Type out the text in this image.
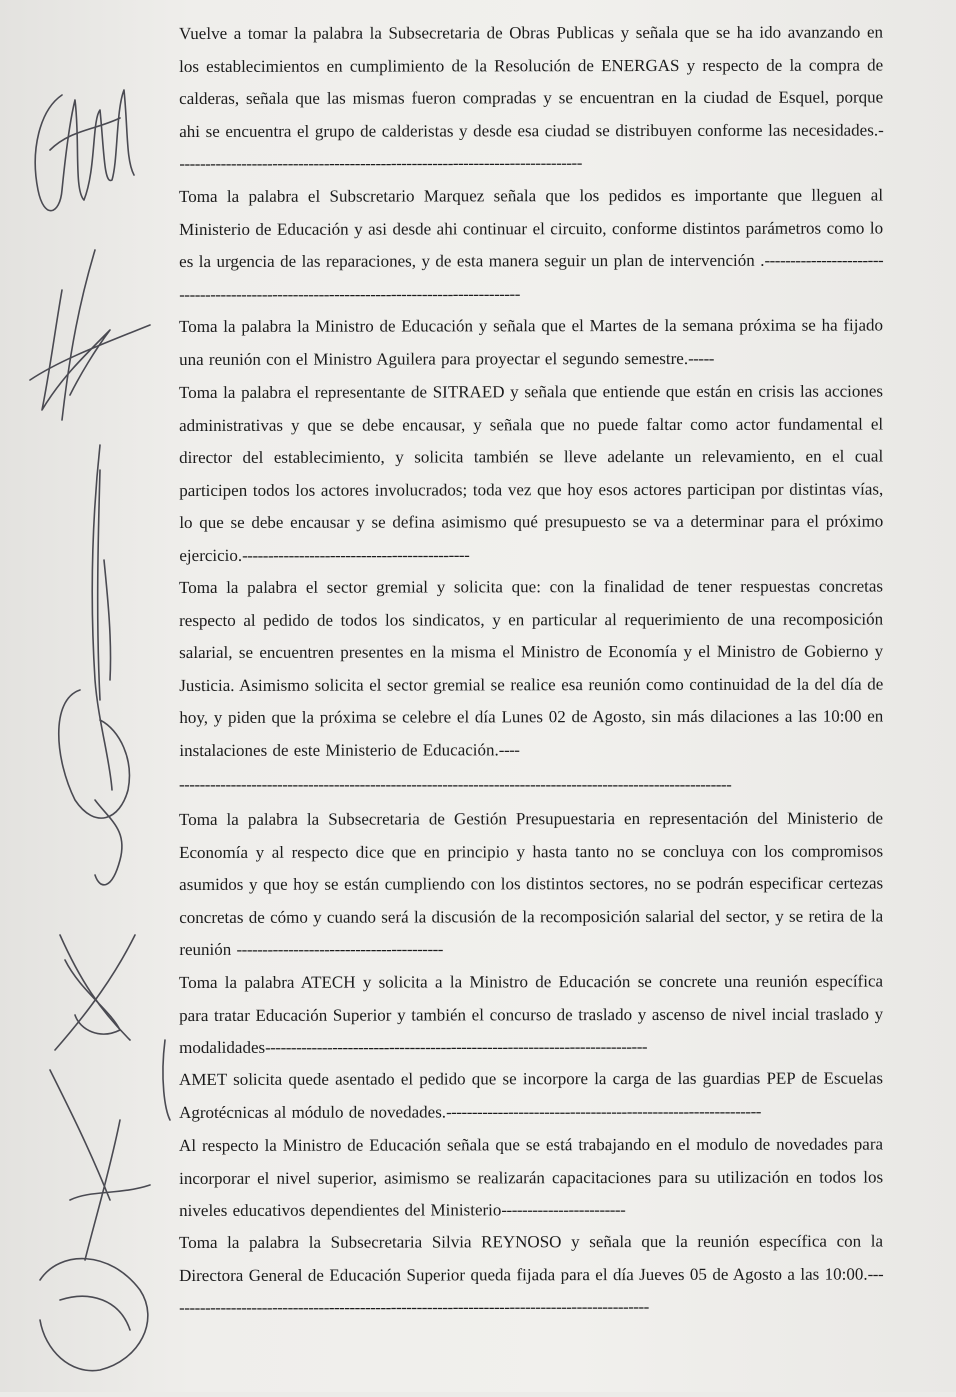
Vuelve a tomar la palabra la Subsecretaria de Obras Publicas y señala que se ha ido avanzando en los establecimientos en cumplimiento de la Resolución de ENERGAS y respecto de la compra de calderas, señala que las mismas fueron compradas y se encuentran en la ciudad de Esquel, porque ahi se encuentra el grupo de calderistas y desde esa ciudad se distribuyen conforme las necesidades.-------------------------------------------------------------------------------

Toma la palabra el Subscretario Marquez señala que los pedidos es importante que lleguen al Ministerio de Educación y asi desde ahi continuar el circuito, conforme distintos parámetros como lo es la urgencia de las reparaciones, y de esta manera seguir un plan de intervención .-----------------------------------------------------------------------------------------

Toma la palabra la Ministro de Educación y señala que el Martes de la semana próxima se ha fijado una reunión con el Ministro Aguilera para proyectar el segundo semestre.-----

Toma la palabra el representante de SITRAED y señala que entiende que están en crisis las acciones administrativas y que se debe encausar, y señala que no puede faltar como actor fundamental el director del establecimiento, y solicita también se lleve adelante un relevamiento, en el cual participen todos los actores involucrados; toda vez que hoy esos actores participan por distintas vías, lo que se debe encausar y se defina asimismo qué presupuesto se va a determinar para el próximo ejercicio.--------------------------------------------

Toma la palabra el sector gremial y solicita que: con la finalidad de tener respuestas concretas respecto al pedido de todos los sindicatos, y en particular al requerimiento de una recomposición salarial, se encuentren presentes en la misma el Ministro de Economía y el Ministro de Gobierno y Justicia. Asimismo solicita el sector gremial se realice esa reunión como continuidad de la del día de hoy, y piden que la próxima se celebre el día Lunes 02 de Agosto, sin más dilaciones a las 10:00 en instalaciones de este Ministerio de Educación.----

-----------------------------------------------------------------------------------------------------------

Toma la palabra la Subsecretaria de Gestión Presupuestaria en representación del Ministerio de Economía y al respecto dice que en principio y hasta tanto no se concluya con los compromisos asumidos y que hoy se están cumpliendo con los distintos sectores, no se podrán especificar certezas concretas de cómo y cuando será la discusión de la recomposición salarial del sector, y se retira de la reunión ----------------------------------------

Toma la palabra ATECH y solicita a la Ministro de Educación se concrete una reunión específica para tratar Educación Superior y también el concurso de traslado y ascenso de nivel incial traslado y modalidades--------------------------------------------------------------------------

AMET solicita quede asentado el pedido que se incorpore la carga de las guardias PEP de Escuelas Agrotécnicas al módulo de novedades.-------------------------------------------------------------

Al respecto la Ministro de Educación señala que se está trabajando en el modulo de novedades para incorporar el nivel superior, asimismo se realizarán capacitaciones para su utilización en todos los niveles educativos dependientes del Ministerio------------------------

Toma la palabra la Subsecretaria Silvia REYNOSO y señala que la reunión específica con la Directora General de Educación Superior queda fijada para el día Jueves 05 de Agosto a las 10:00.----------------------------------------------------------------------------------------------
